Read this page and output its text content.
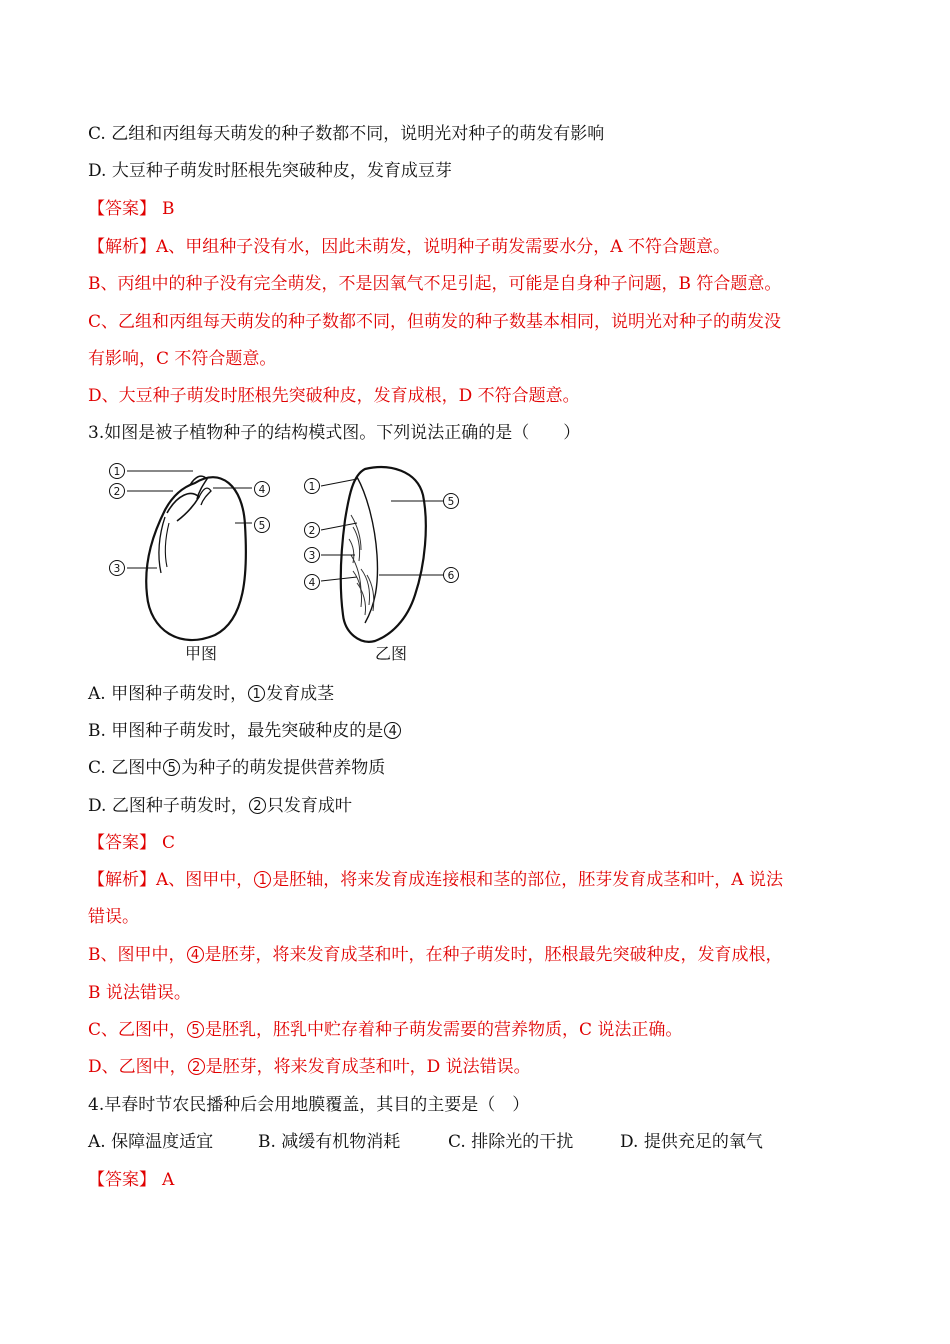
C. 乙组和丙组每天萌发的种子数都不同，说明光对种子的萌发有影响
D. 大豆种子萌发时胚根先突破种皮，发育成豆芽
【答案】 B
【解析】A、甲组种子没有水，因此未萌发，说明种子萌发需要水分，A 不符合题意。
B、丙组中的种子没有完全萌发，不是因氧气不足引起，可能是自身种子问题，B 符合题意。
C、乙组和丙组每天萌发的种子数都不同，但萌发的种子数基本相同，说明光对种子的萌发没
有影响，C 不符合题意。
D、大豆种子萌发时胚根先突破种皮，发育成根，D 不符合题意。
3.如图是被子植物种子的结构模式图。下列说法正确的是（　　）
1
2
3
4
5
甲图
1
2
3
4
5
6
乙图
A. 甲图种子萌发时， 1 发育成茎
B. 甲图种子萌发时，最先突破种皮的是 4
C. 乙图中 5 为种子的萌发提供营养物质
D. 乙图种子萌发时， 2 只发育成叶
【答案】 C
【解析】A、图甲中， 1 是胚轴，将来发育成连接根和茎的部位，胚芽发育成茎和叶，A 说法
错误。
B、图甲中， 4 是胚芽，将来发育成茎和叶，在种子萌发时，胚根最先突破种皮，发育成根，
B 说法错误。
C、乙图中， 5 是胚乳，胚乳中贮存着种子萌发需要的营养物质，C 说法正确。
D、乙图中， 2 是胚芽，将来发育成茎和叶，D 说法错误。
4.早春时节农民播种后会用地膜覆盖，其目的主要是（　）
A. 保障温度适宜	B. 减缓有机物消耗	C. 排除光的干扰	D. 提供充足的氧气
【答案】 A
